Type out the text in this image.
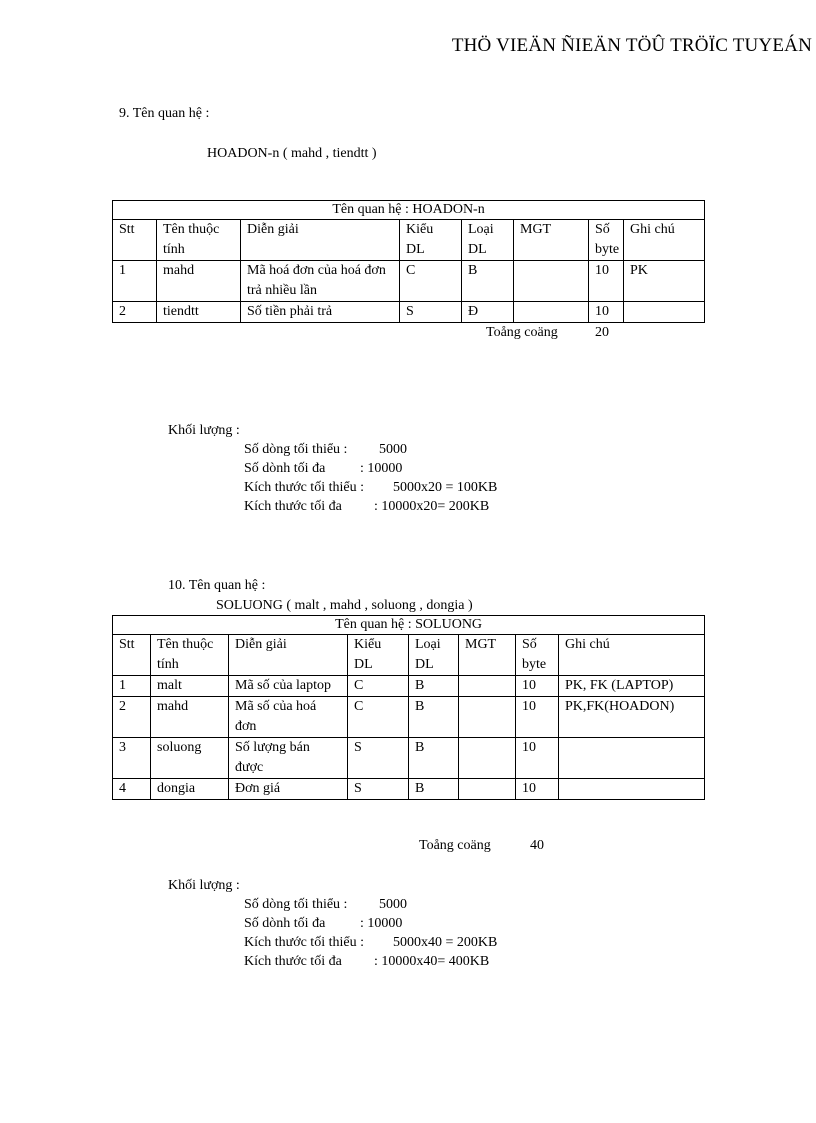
THÖ VIEÄN ÑIEÄN TÖÛ TRÖÏC TUYEÁN
9. Tên quan hệ :
HOADON-n ( mahd , tiendtt )
Tên quan hệ : HOADON-n							
Stt	Tên thuộc tính	Diễn giải	Kiểu DL	Loại DL	MGT	Số byte	Ghi chú
1	mahd	Mã hoá đơn của hoá đơn trả nhiều lần	C	B		10	PK
2	tiendtt	Số tiền phải trả	S	Đ		10	
Toång coäng	20
Khối lượng :
Số dòng tối thiểu : 5000
Số dònh tối đa : 10000
Kích thước tối thiểu : 5000x20 = 100KB
Kích thước tối đa : 10000x20= 200KB
10. Tên quan hệ :
SOLUONG ( malt , mahd , soluong , dongia )
Tên quan hệ : SOLUONG							
Stt	Tên thuộc tính	Diễn giải	Kiểu DL	Loại DL	MGT	Số byte	Ghi chú
1	malt	Mã số của laptop	C	B		10	PK, FK (LAPTOP)
2	mahd	Mã số của hoá đơn	C	B		10	PK,FK(HOADON)
3	soluong	Số lượng bán được	S	B		10	
4	dongia	Đơn giá	S	B		10	
Toång coäng	40
Khối lượng :
Số dòng tối thiểu : 5000
Số dònh tối đa : 10000
Kích thước tối thiểu : 5000x40 = 200KB
Kích thước tối đa : 10000x40= 400KB
